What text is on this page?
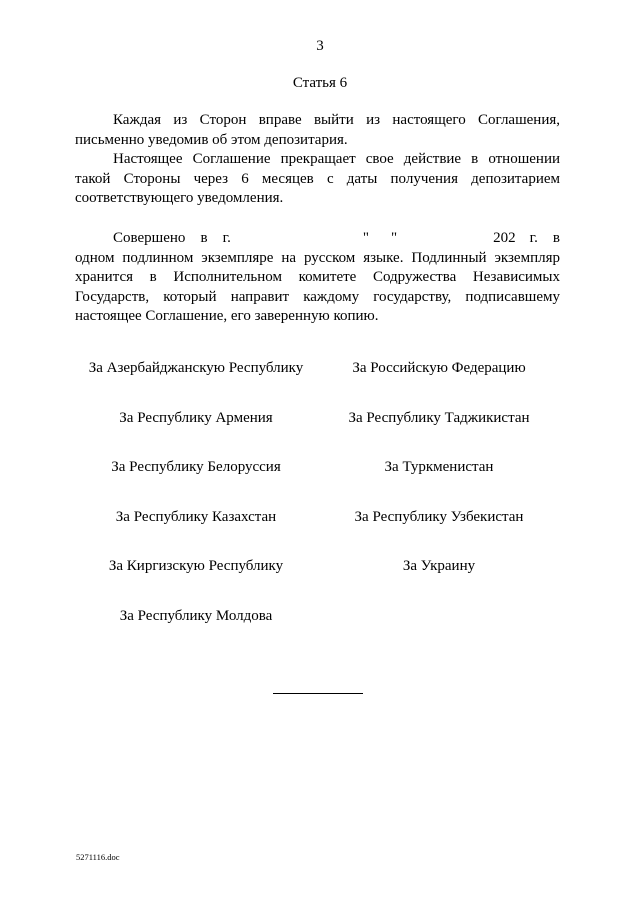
3
Статья 6

Каждая из Сторон вправе выйти из настоящего Соглашения, письменно уведомив об этом депозитария.

Настоящее Соглашение прекращает свое действие в отношении такой Стороны через 6 месяцев с даты получения депозитарием соответствующего уведомления.

Совершено в г.	" "	202 г. в одном подлинном экземпляре на русском языке. Подлинный экземпляр хранится в Исполнительном комитете Содружества Независимых Государств, который направит каждому государству, подписавшему настоящее Соглашение, его заверенную копию.

За Азербайджанскую Республику	За Российскую Федерацию
За Республику Армения	За Республику Таджикистан
За Республику Белоруссия	За Туркменистан
За Республику Казахстан	За Республику Узбекистан
За Киргизскую Республику	За Украину
За Республику Молдова
5271116.doc
